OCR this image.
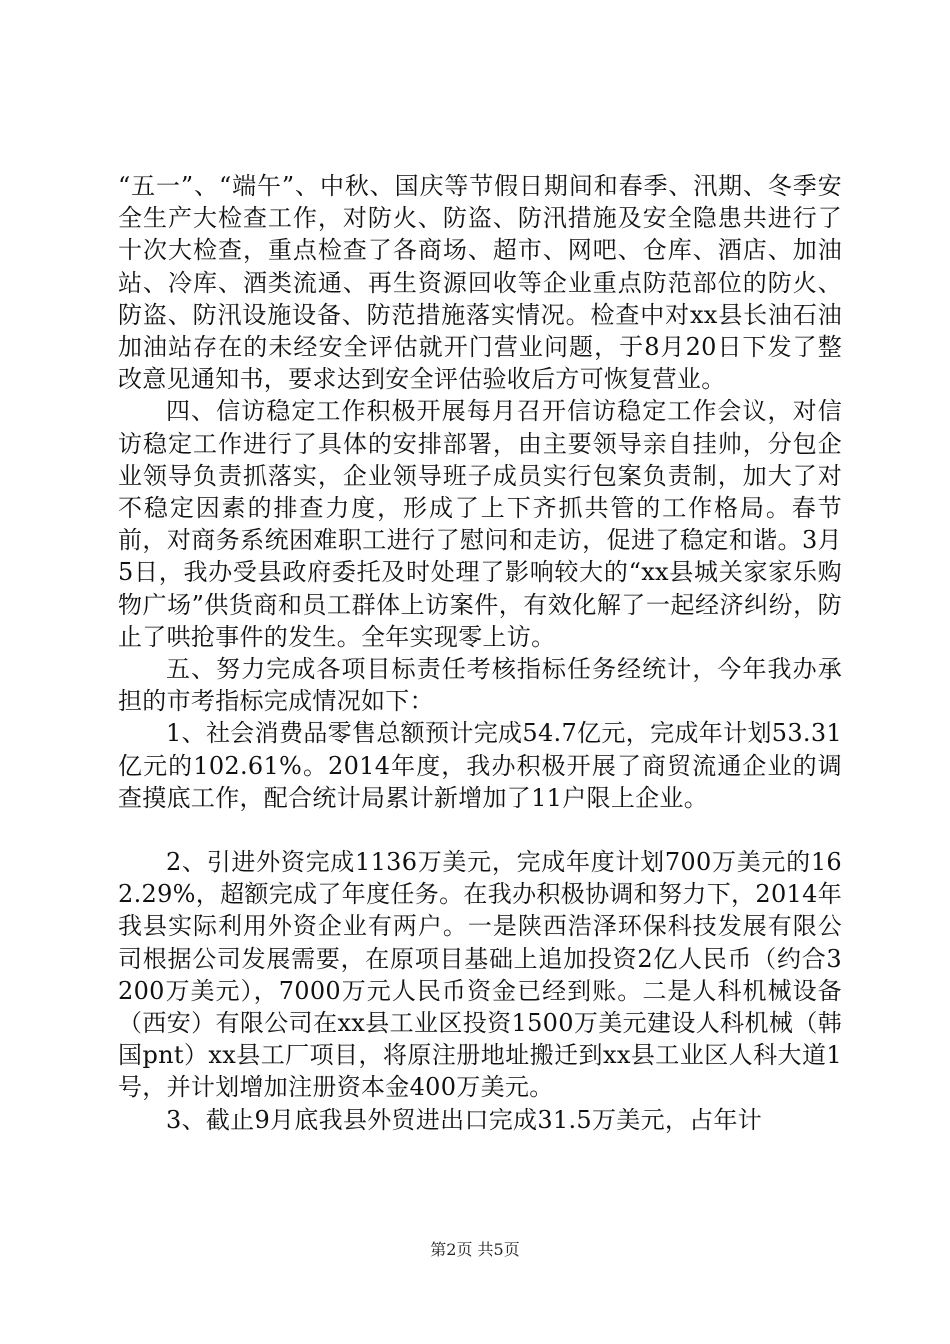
“五一”、“端午”、中秋、国庆等节假日期间和春季、汛期、冬季安全生产大检查工作，对防火、防盗、防汛措施及安全隐患共进行了十次大检查，重点检查了各商场、超市、网吧、仓库、酒店、加油站、冷库、酒类流通、再生资源回收等企业重点防范部位的防火、防盗、防汛设施设备、防范措施落实情况。检查中对xx县长油石油加油站存在的未经安全评估就开门营业问题，于8月20日下发了整改意见通知书，要求达到安全评估验收后方可恢复营业。

四、信访稳定工作积极开展每月召开信访稳定工作会议，对信访稳定工作进行了具体的安排部署，由主要领导亲自挂帅，分包企业领导负责抓落实，企业领导班子成员实行包案负责制，加大了对不稳定因素的排查力度，形成了上下齐抓共管的工作格局。春节前，对商务系统困难职工进行了慰问和走访，促进了稳定和谐。3月5日，我办受县政府委托及时处理了影响较大的“xx县城关家家乐购物广场”供货商和员工群体上访案件，有效化解了一起经济纠纷，防止了哄抢事件的发生。全年实现零上访。

五、努力完成各项目标责任考核指标任务经统计，今年我办承担的市考指标完成情况如下：

1、社会消费品零售总额预计完成54.7亿元，完成年计划53.31亿元的102.61%。2014年度，我办积极开展了商贸流通企业的调查摸底工作，配合统计局累计新增加了11户限上企业。

2、引进外资完成1136万美元，完成年度计划700万美元的162.29%，超额完成了年度任务。在我办积极协调和努力下，2014年我县实际利用外资企业有两户。一是陕西浩泽环保科技发展有限公司根据公司发展需要，在原项目基础上追加投资2亿人民币（约合3200万美元），7000万元人民币资金已经到账。二是人科机械设备（西安）有限公司在xx县工业区投资1500万美元建设人科机械（韩国pnt）xx县工厂项目，将原注册地址搬迁到xx县工业区人科大道1号，并计划增加注册资本金400万美元。

3、截止9月底我县外贸进出口完成31.5万美元，占年计

第2页 共5页
